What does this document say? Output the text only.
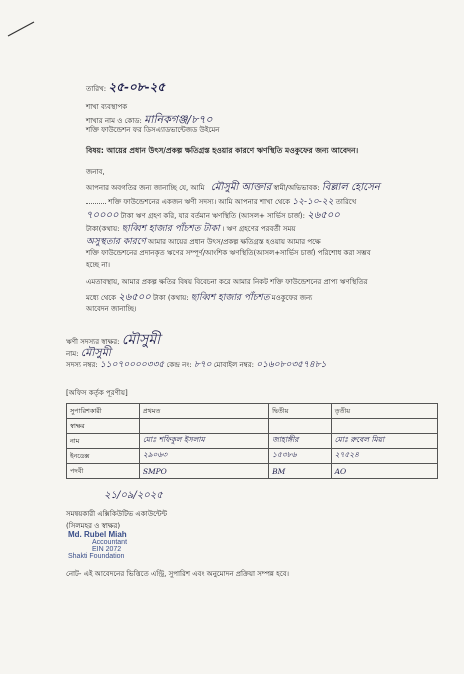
তারিখ: ২৫-০৮-২৫
শাখা ব্যবস্থাপক
শাখার নাম ও কোড: মানিকগঞ্জ/৮৭০
শক্তি ফাউন্ডেশন ফর ডিসএ্যাডভান্টেজড উইমেন
বিষয়: আয়ের প্রধান উৎস/প্রকল্প ক্ষতিগ্রস্ত হওয়ার কারণে ঋণস্থিতি মওকুফের জন্য আবেদন।
জনাব,
আপনার অবগতির জন্য জানাচ্ছি যে, আমি মৌসুমী আক্তার স্বামী/অভিভাবক: বিল্লাল হোসেন
শক্তি ফাউন্ডেশনের একজন ঋণী সদস্য। আমি আপনার শাখা থেকে ১২-১০-২২ তারিখে
৭০০০০ টাকা ঋণ গ্রহণ করি, যার বর্তমান ঋণস্থিতি (আসল+ সার্ভিস চার্জ): ২৬৫০০
টাকা(কথায়: ছাব্বিশ হাজার পাঁচশত টাকা । ঋণ গ্রহণের পরবর্তী সময়
অসুস্থতার কারণে আমার আয়ের প্রধান উৎস/প্রকল্প ক্ষতিগ্রস্ত হওয়ায় আমার পক্ষে
শক্তি ফাউন্ডেশনের প্রদানকৃত ঋণের সম্পূর্ণ/আংশিক ঋণস্থিতি(আসল+সার্ভিস চার্জ) পরিশোধ করা সম্ভব
হচ্ছে না।
এমতাবস্থায়, আমার প্রকল্প ক্ষতির বিষয় বিবেচনা করে আমার নিকট শক্তি ফাউন্ডেশনের প্রাপ্য ঋণস্থিতির
মধ্যে থেকে ২৬৫০০ টাকা (কথায়: ছাব্বিশ হাজার পাঁচশত মওকুফের জন্য
আবেদন জানাচ্ছি।
ঋণী সদস্যর স্বাক্ষর: মৌসুমী
নাম: মৌসুমী
সদস্য নম্বর: ১১০৭০০০০৩৩৫ কেন্দ্র নং: ৮৭০ মোবাইল নম্বর: ০১৬০৮০৩৫৭৪৮১
[অফিস কর্তৃক পূরণীয়]
সুপারিশকারী	প্রথমত	দ্বিতীয়	তৃতীয়
স্বাক্ষর			
নাম	মোঃ শফিকুল ইসলাম	জাহাঙ্গীর	মোঃ রুবেল মিয়া
ইনডেক্স	২৯০৬৩	১৫৩৮৬	২৭৫২৪
পদবী	SMPO	BM	AO
২১/০৯/২০২৫
সমন্বয়কারী এক্সিকিউটিভ একাউন্টেন্ট
(সিলমহর ও স্বাক্ষর)
Md. Rubel Miah
Accountant
EIN 2072
Shakti Foundation
নোট- এই আবেদনের ভিত্তিতে এন্ট্রি, সুপারিশ এবং অনুমোদন প্রক্রিয়া সম্পন্ন হবে।
